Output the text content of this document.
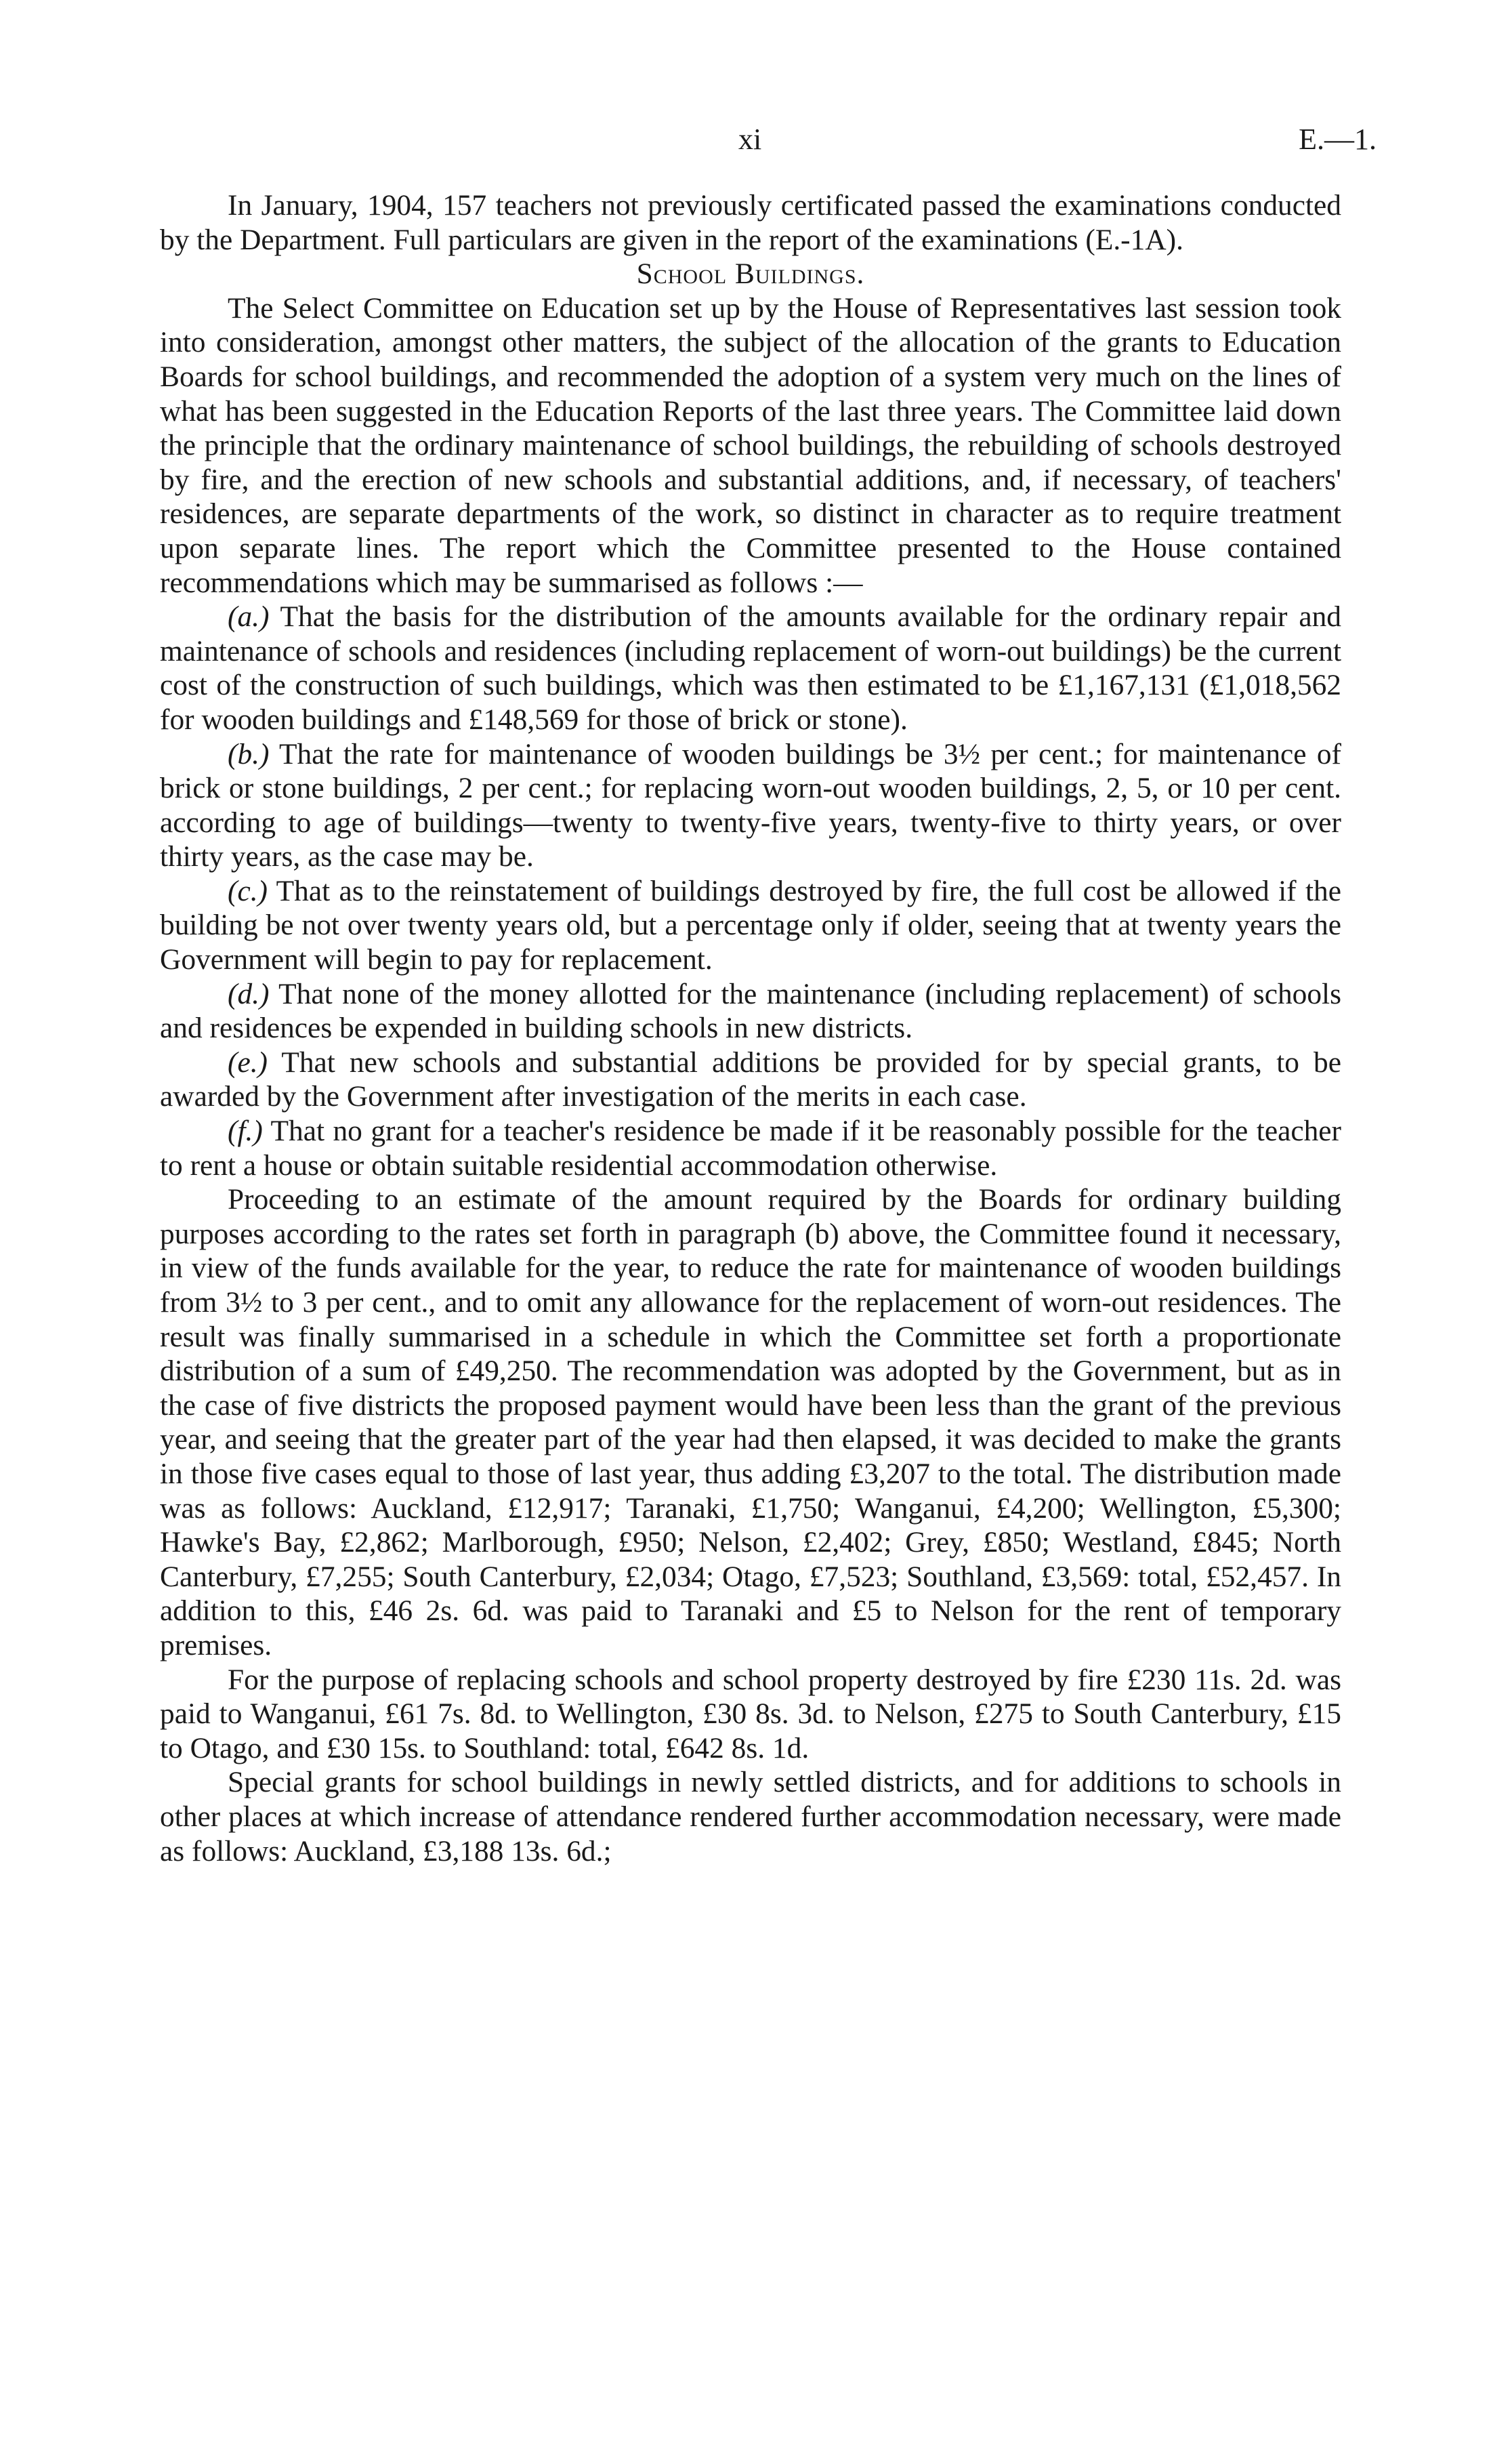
xi	E.—1.

In January, 1904, 157 teachers not previously certificated passed the examinations conducted by the Department. Full particulars are given in the report of the examinations (E.-1A).

School Buildings.

The Select Committee on Education set up by the House of Representatives last session took into consideration, amongst other matters, the subject of the allocation of the grants to Education Boards for school buildings, and recommended the adoption of a system very much on the lines of what has been suggested in the Education Reports of the last three years. The Committee laid down the principle that the ordinary maintenance of school buildings, the rebuilding of schools destroyed by fire, and the erection of new schools and substantial additions, and, if necessary, of teachers' residences, are separate departments of the work, so distinct in character as to require treatment upon separate lines. The report which the Committee presented to the House contained recommendations which may be summarised as follows :—

(a.) That the basis for the distribution of the amounts available for the ordinary repair and maintenance of schools and residences (including replacement of worn-out buildings) be the current cost of the construction of such buildings, which was then estimated to be £1,167,131 (£1,018,562 for wooden buildings and £148,569 for those of brick or stone).

(b.) That the rate for maintenance of wooden buildings be 3½ per cent.; for maintenance of brick or stone buildings, 2 per cent.; for replacing worn-out wooden buildings, 2, 5, or 10 per cent. according to age of buildings—twenty to twenty-five years, twenty-five to thirty years, or over thirty years, as the case may be.

(c.) That as to the reinstatement of buildings destroyed by fire, the full cost be allowed if the building be not over twenty years old, but a percentage only if older, seeing that at twenty years the Government will begin to pay for replacement.

(d.) That none of the money allotted for the maintenance (including replacement) of schools and residences be expended in building schools in new districts.

(e.) That new schools and substantial additions be provided for by special grants, to be awarded by the Government after investigation of the merits in each case.

(f.) That no grant for a teacher's residence be made if it be reasonably possible for the teacher to rent a house or obtain suitable residential accommodation otherwise.

Proceeding to an estimate of the amount required by the Boards for ordinary building purposes according to the rates set forth in paragraph (b) above, the Committee found it necessary, in view of the funds available for the year, to reduce the rate for maintenance of wooden buildings from 3½ to 3 per cent., and to omit any allowance for the replacement of worn-out residences. The result was finally summarised in a schedule in which the Committee set forth a proportionate distribution of a sum of £49,250. The recommendation was adopted by the Government, but as in the case of five districts the proposed payment would have been less than the grant of the previous year, and seeing that the greater part of the year had then elapsed, it was decided to make the grants in those five cases equal to those of last year, thus adding £3,207 to the total. The distribution made was as follows: Auckland, £12,917; Taranaki, £1,750; Wanganui, £4,200; Wellington, £5,300; Hawke's Bay, £2,862; Marlborough, £950; Nelson, £2,402; Grey, £850; Westland, £845; North Canterbury, £7,255; South Canterbury, £2,034; Otago, £7,523; Southland, £3,569: total, £52,457. In addition to this, £46 2s. 6d. was paid to Taranaki and £5 to Nelson for the rent of temporary premises.

For the purpose of replacing schools and school property destroyed by fire £230 11s. 2d. was paid to Wanganui, £61 7s. 8d. to Wellington, £30 8s. 3d. to Nelson, £275 to South Canterbury, £15 to Otago, and £30 15s. to Southland: total, £642 8s. 1d.

Special grants for school buildings in newly settled districts, and for additions to schools in other places at which increase of attendance rendered further accommodation necessary, were made as follows: Auckland, £3,188 13s. 6d.;
